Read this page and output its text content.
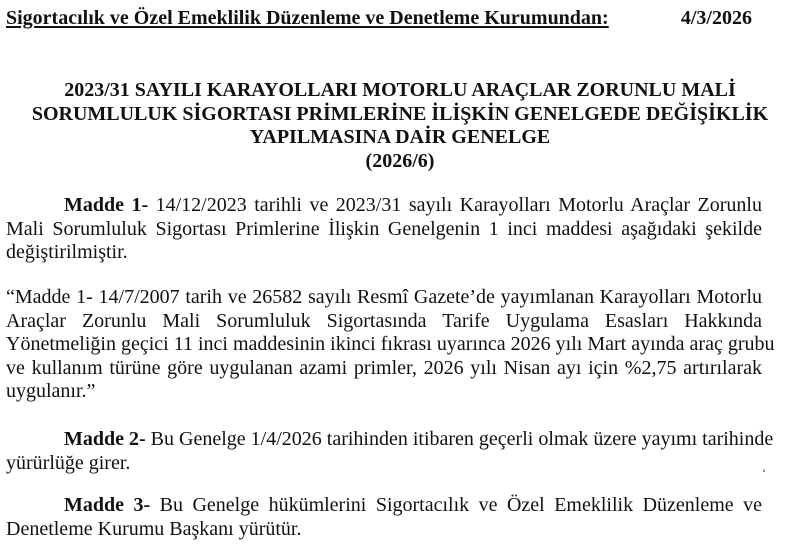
Sigortacılık ve Özel Emeklilik Düzenleme ve Denetleme Kurumundan:	4/3/2026
2023/31 SAYILI KARAYOLLARI MOTORLU ARAÇLAR ZORUNLU MALİ
SORUMLULUK SİGORTASI PRİMLERİNE İLİŞKİN GENELGEDE DEĞİŞİKLİK
YAPILMASINA DAİR GENELGE
(2026/6)
Madde 1- 14/12/2023 tarihli ve 2023/31 sayılı Karayolları Motorlu Araçlar Zorunlu
Mali Sorumluluk Sigortası Primlerine İlişkin Genelgenin 1 inci maddesi aşağıdaki şekilde
değiştirilmiştir.
“Madde 1- 14/7/2007 tarih ve 26582 sayılı Resmî Gazete’de yayımlanan Karayolları Motorlu
Araçlar Zorunlu Mali Sorumluluk Sigortasında Tarife Uygulama Esasları Hakkında
Yönetmeliğin geçici 11 inci maddesinin ikinci fıkrası uyarınca 2026 yılı Mart ayında araç grubu
ve kullanım türüne göre uygulanan azami primler, 2026 yılı Nisan ayı için %2,75 artırılarak
uygulanır.”
Madde 2- Bu Genelge 1/4/2026 tarihinden itibaren geçerli olmak üzere yayımı tarihinde
yürürlüğe girer.
Madde 3- Bu Genelge hükümlerini Sigortacılık ve Özel Emeklilik Düzenleme ve
Denetleme Kurumu Başkanı yürütür.
ʻ
